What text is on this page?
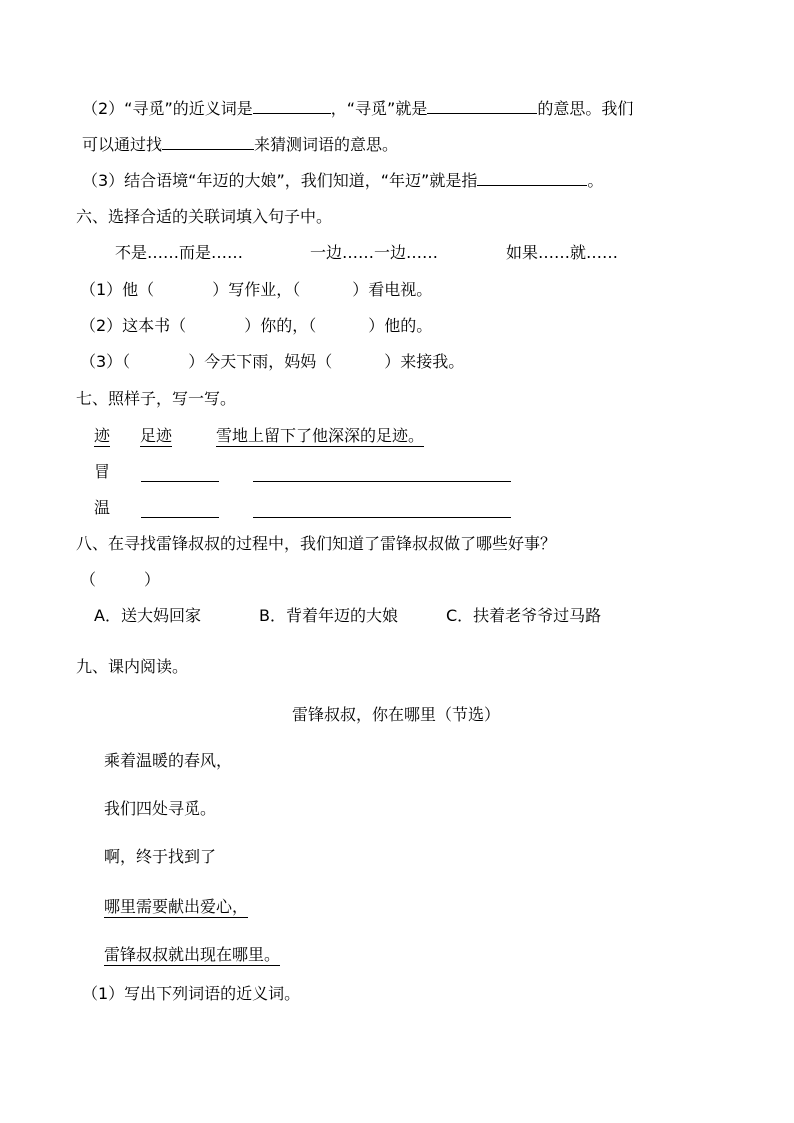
（2）“寻觅”的近义词是	，“寻觅”就是	的意思。我们
可以通过找	来猜测词语的意思。
（3）结合语境“年迈的大娘”，我们知道，“年迈”就是指	。
六、选择合适的关联词填入句子中。
不是……而是……	一边……一边……	如果……就……
（1）他（	）写作业，（	）看电视。
（2）这本书（	）你的，（	）他的。
（3）（	）今天下雨，妈妈（	）来接我。
七、照样子，写一写。
迹 足迹	雪地上留下了他深深的足迹。
冒
温
八、在寻找雷锋叔叔的过程中，我们知道了雷锋叔叔做了哪些好事？
（　　　）
A．送大妈回家	B．背着年迈的大娘	C．扶着老爷爷过马路
九、课内阅读。
雷锋叔叔，你在哪里（节选）
乘着温暖的春风，
我们四处寻觅。
啊，终于找到了
哪里需要献出爱心，
雷锋叔叔就出现在哪里。
（1）写出下列词语的近义词。
